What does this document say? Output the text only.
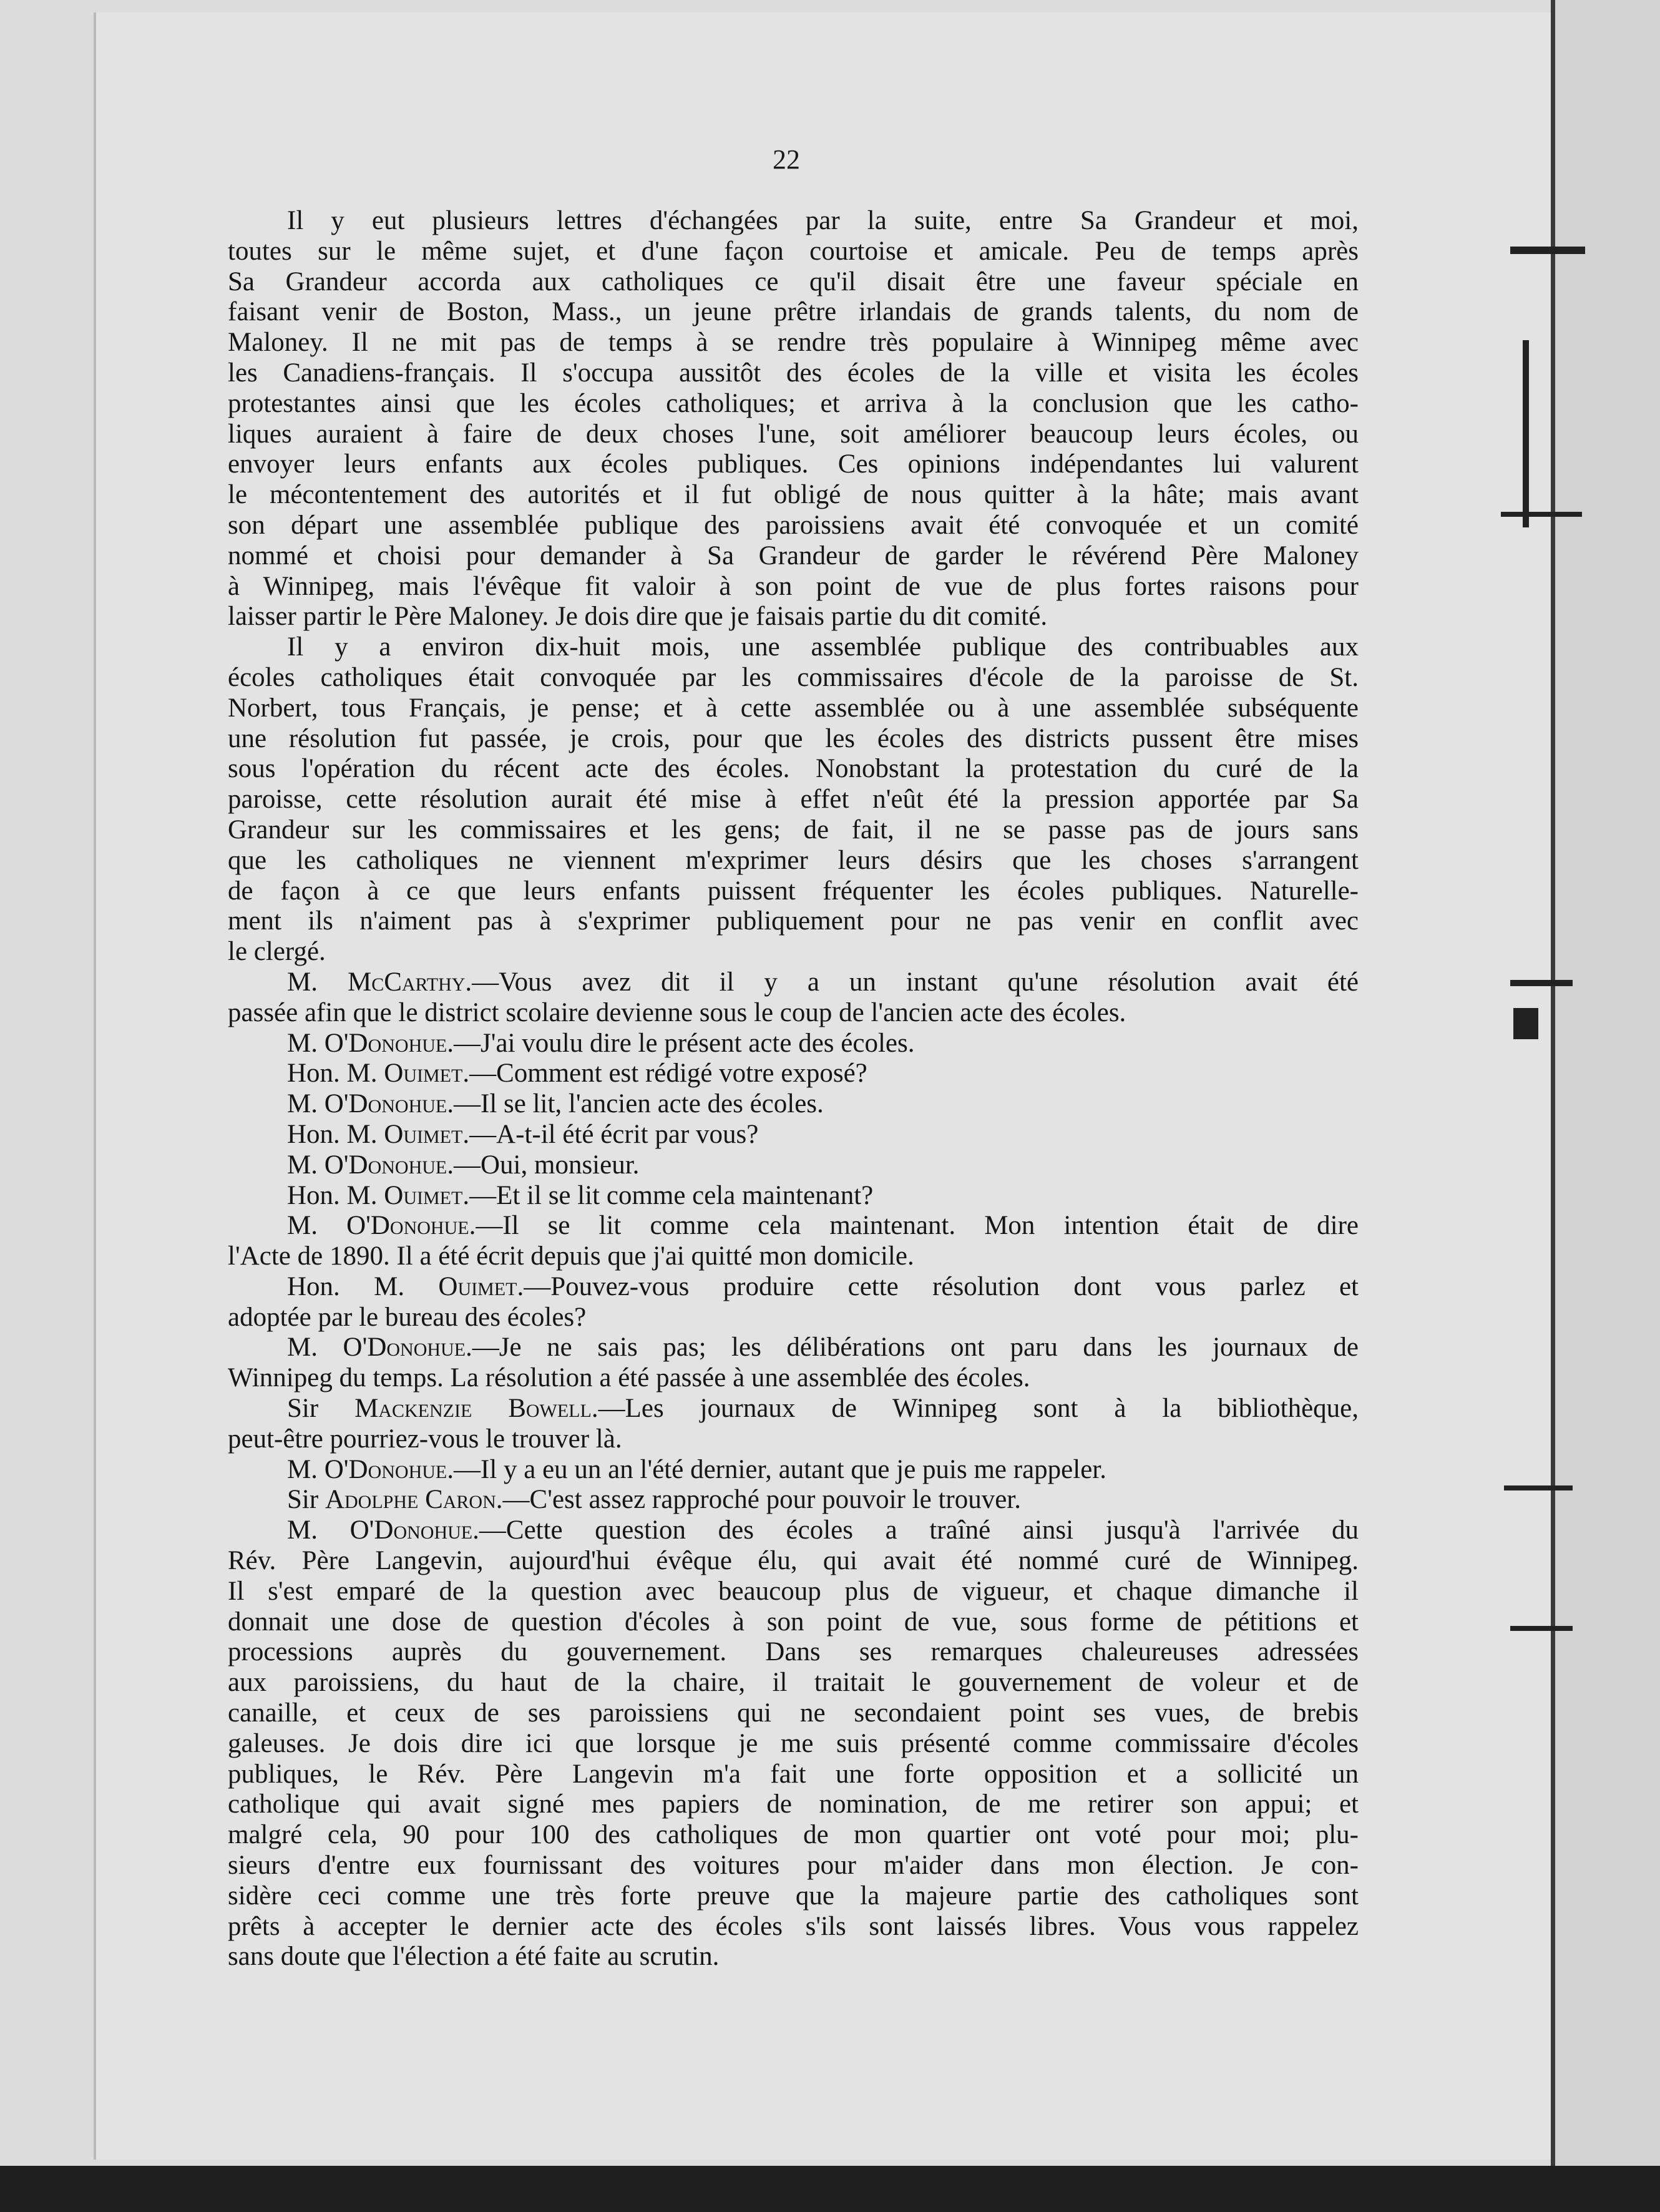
22
Il y eut plusieurs lettres d'échangées par la suite, entre Sa Grandeur et moi,
toutes sur le même sujet, et d'une façon courtoise et amicale. Peu de temps après
Sa Grandeur accorda aux catholiques ce qu'il disait être une faveur spéciale en
faisant venir de Boston, Mass., un jeune prêtre irlandais de grands talents, du nom de
Maloney. Il ne mit pas de temps à se rendre très populaire à Winnipeg même avec
les Canadiens-français. Il s'occupa aussitôt des écoles de la ville et visita les écoles
protestantes ainsi que les écoles catholiques; et arriva à la conclusion que les catho-
liques auraient à faire de deux choses l'une, soit améliorer beaucoup leurs écoles, ou
envoyer leurs enfants aux écoles publiques. Ces opinions indépendantes lui valurent
le mécontentement des autorités et il fut obligé de nous quitter à la hâte; mais avant
son départ une assemblée publique des paroissiens avait été convoquée et un comité
nommé et choisi pour demander à Sa Grandeur de garder le révérend Père Maloney
à Winnipeg, mais l'évêque fit valoir à son point de vue de plus fortes raisons pour
laisser partir le Père Maloney. Je dois dire que je faisais partie du dit comité.
Il y a environ dix-huit mois, une assemblée publique des contribuables aux
écoles catholiques était convoquée par les commissaires d'école de la paroisse de St.
Norbert, tous Français, je pense; et à cette assemblée ou à une assemblée subséquente
une résolution fut passée, je crois, pour que les écoles des districts pussent être mises
sous l'opération du récent acte des écoles. Nonobstant la protestation du curé de la
paroisse, cette résolution aurait été mise à effet n'eût été la pression apportée par Sa
Grandeur sur les commissaires et les gens; de fait, il ne se passe pas de jours sans
que les catholiques ne viennent m'exprimer leurs désirs que les choses s'arrangent
de façon à ce que leurs enfants puissent fréquenter les écoles publiques. Naturelle-
ment ils n'aiment pas à s'exprimer publiquement pour ne pas venir en conflit avec
le clergé.
M. McCarthy.—Vous avez dit il y a un instant qu'une résolution avait été
passée afin que le district scolaire devienne sous le coup de l'ancien acte des écoles.
M. O'Donohue.—J'ai voulu dire le présent acte des écoles.
Hon. M. Ouimet.—Comment est rédigé votre exposé?
M. O'Donohue.—Il se lit, l'ancien acte des écoles.
Hon. M. Ouimet.—A-t-il été écrit par vous?
M. O'Donohue.—Oui, monsieur.
Hon. M. Ouimet.—Et il se lit comme cela maintenant?
M. O'Donohue.—Il se lit comme cela maintenant. Mon intention était de dire
l'Acte de 1890. Il a été écrit depuis que j'ai quitté mon domicile.
Hon. M. Ouimet.—Pouvez-vous produire cette résolution dont vous parlez et
adoptée par le bureau des écoles?
M. O'Donohue.—Je ne sais pas; les délibérations ont paru dans les journaux de
Winnipeg du temps. La résolution a été passée à une assemblée des écoles.
Sir Mackenzie Bowell.—Les journaux de Winnipeg sont à la bibliothèque,
peut-être pourriez-vous le trouver là.
M. O'Donohue.—Il y a eu un an l'été dernier, autant que je puis me rappeler.
Sir Adolphe Caron.—C'est assez rapproché pour pouvoir le trouver.
M. O'Donohue.—Cette question des écoles a traîné ainsi jusqu'à l'arrivée du
Rév. Père Langevin, aujourd'hui évêque élu, qui avait été nommé curé de Winnipeg.
Il s'est emparé de la question avec beaucoup plus de vigueur, et chaque dimanche il
donnait une dose de question d'écoles à son point de vue, sous forme de pétitions et
processions auprès du gouvernement. Dans ses remarques chaleureuses adressées
aux paroissiens, du haut de la chaire, il traitait le gouvernement de voleur et de
canaille, et ceux de ses paroissiens qui ne secondaient point ses vues, de brebis
galeuses. Je dois dire ici que lorsque je me suis présenté comme commissaire d'écoles
publiques, le Rév. Père Langevin m'a fait une forte opposition et a sollicité un
catholique qui avait signé mes papiers de nomination, de me retirer son appui; et
malgré cela, 90 pour 100 des catholiques de mon quartier ont voté pour moi; plu-
sieurs d'entre eux fournissant des voitures pour m'aider dans mon élection. Je con-
sidère ceci comme une très forte preuve que la majeure partie des catholiques sont
prêts à accepter le dernier acte des écoles s'ils sont laissés libres. Vous vous rappelez
sans doute que l'élection a été faite au scrutin.
